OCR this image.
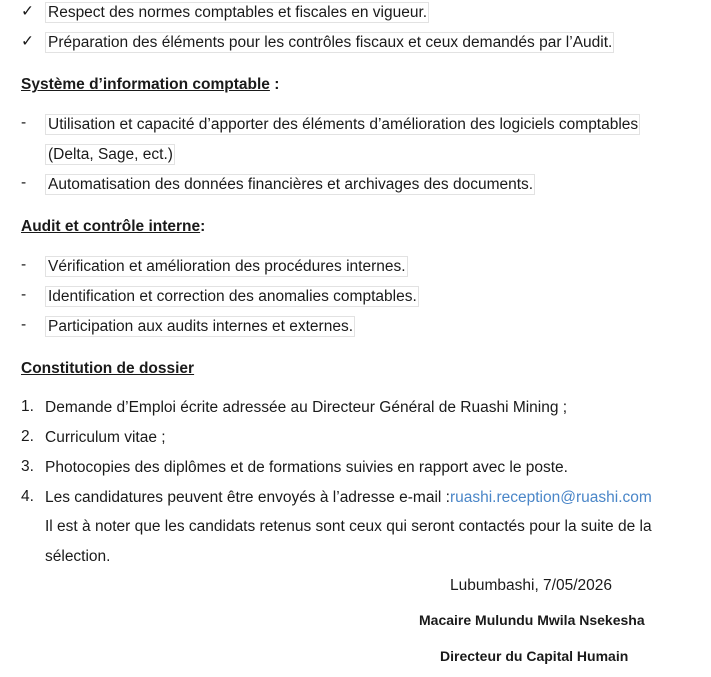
✓ Respect des normes comptables et fiscales en vigueur.
✓ Préparation des éléments pour les contrôles fiscaux et ceux demandés par l’Audit.
Système d’information comptable :
-	Utilisation et capacité d’apporter des éléments d’amélioration des logiciels comptables
(Delta, Sage, ect.)
-	Automatisation des données financières et archivages des documents.
Audit et contrôle interne:
-	Vérification et amélioration des procédures internes.
-	Identification et correction des anomalies comptables.
-	Participation aux audits internes et externes.
Constitution de dossier
1. Demande d’Emploi écrite adressée au Directeur Général de Ruashi Mining ;
2. Curriculum vitae ;
3. Photocopies des diplômes et de formations suivies en rapport avec le poste.
4. Les candidatures peuvent être envoyés à l’adresse e-mail :ruashi.reception@ruashi.com
Il est à noter que les candidats retenus sont ceux qui seront contactés pour la suite de la
sélection.
Lubumbashi, 7/05/2026
Macaire Mulundu Mwila Nsekesha
Directeur du Capital Humain
